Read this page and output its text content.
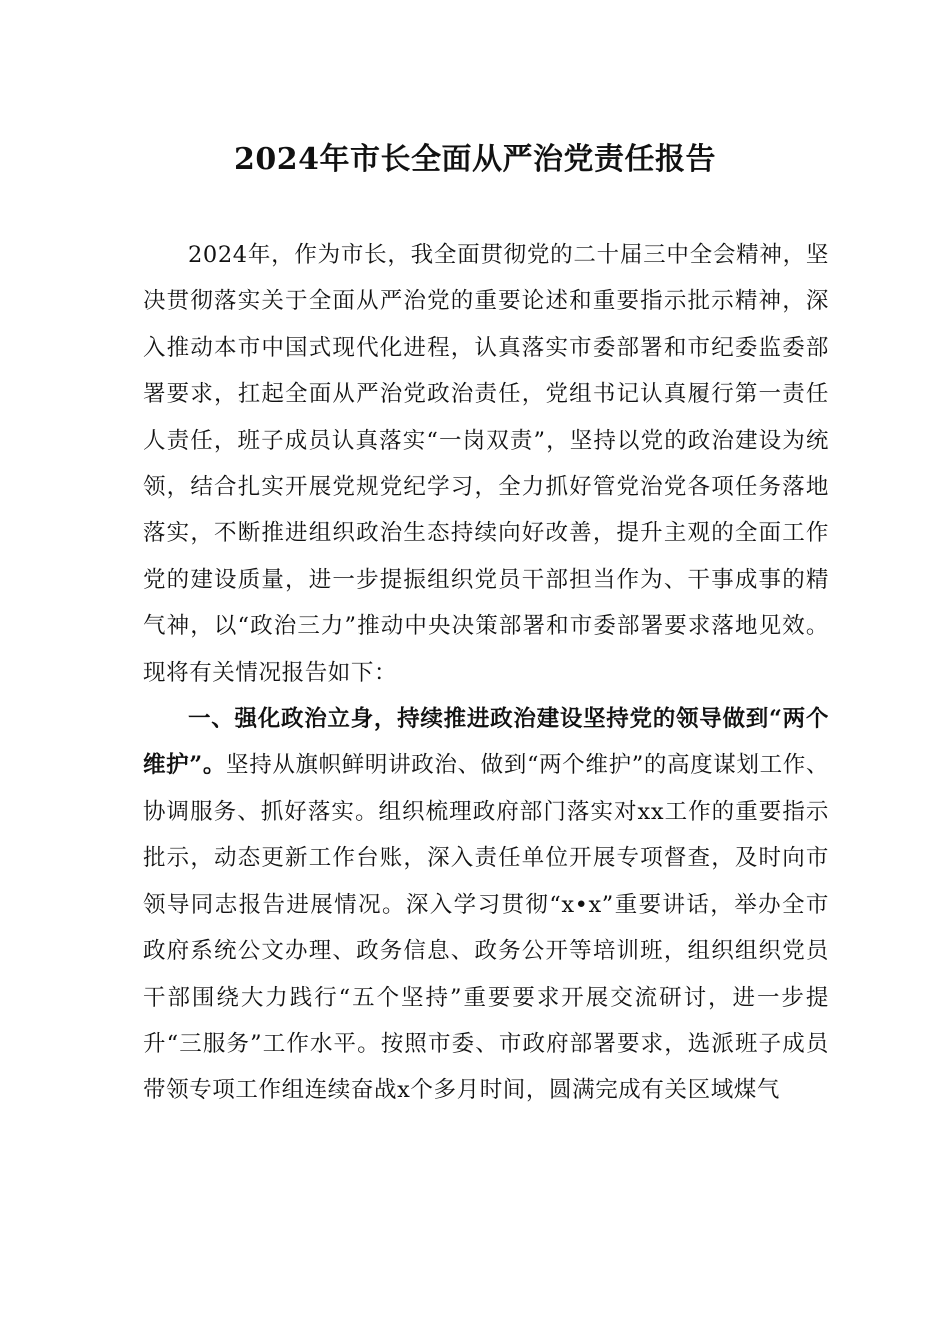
2024年市长全面从严治党责任报告

2024年，作为市长，我全面贯彻党的二十届三中全会精神，坚决贯彻落实关于全面从严治党的重要论述和重要指示批示精神，深入推动本市中国式现代化进程，认真落实市委部署和市纪委监委部署要求，扛起全面从严治党政治责任，党组书记认真履行第一责任人责任，班子成员认真落实“一岗双责”，坚持以党的政治建设为统领，结合扎实开展党规党纪学习，全力抓好管党治党各项任务落地落实，不断推进组织政治生态持续向好改善，提升主观的全面工作党的建设质量，进一步提振组织党员干部担当作为、干事成事的精气神，以“政治三力”推动中央决策部署和市委部署要求落地见效。现将有关情况报告如下：

一、强化政治立身，持续推进政治建设坚持党的领导做到“两个维护”。坚持从旗帜鲜明讲政治、做到“两个维护”的高度谋划工作、协调服务、抓好落实。组织梳理政府部门落实对xx工作的重要指示批示，动态更新工作台账，深入责任单位开展专项督查，及时向市领导同志报告进展情况。深入学习贯彻“x•x”重要讲话，举办全市政府系统公文办理、政务信息、政务公开等培训班，组织组织党员干部围绕大力践行“五个坚持”重要要求开展交流研讨，进一步提升“三服务”工作水平。按照市委、市政府部署要求，选派班子成员带领专项工作组连续奋战x个多月时间，圆满完成有关区域煤气
